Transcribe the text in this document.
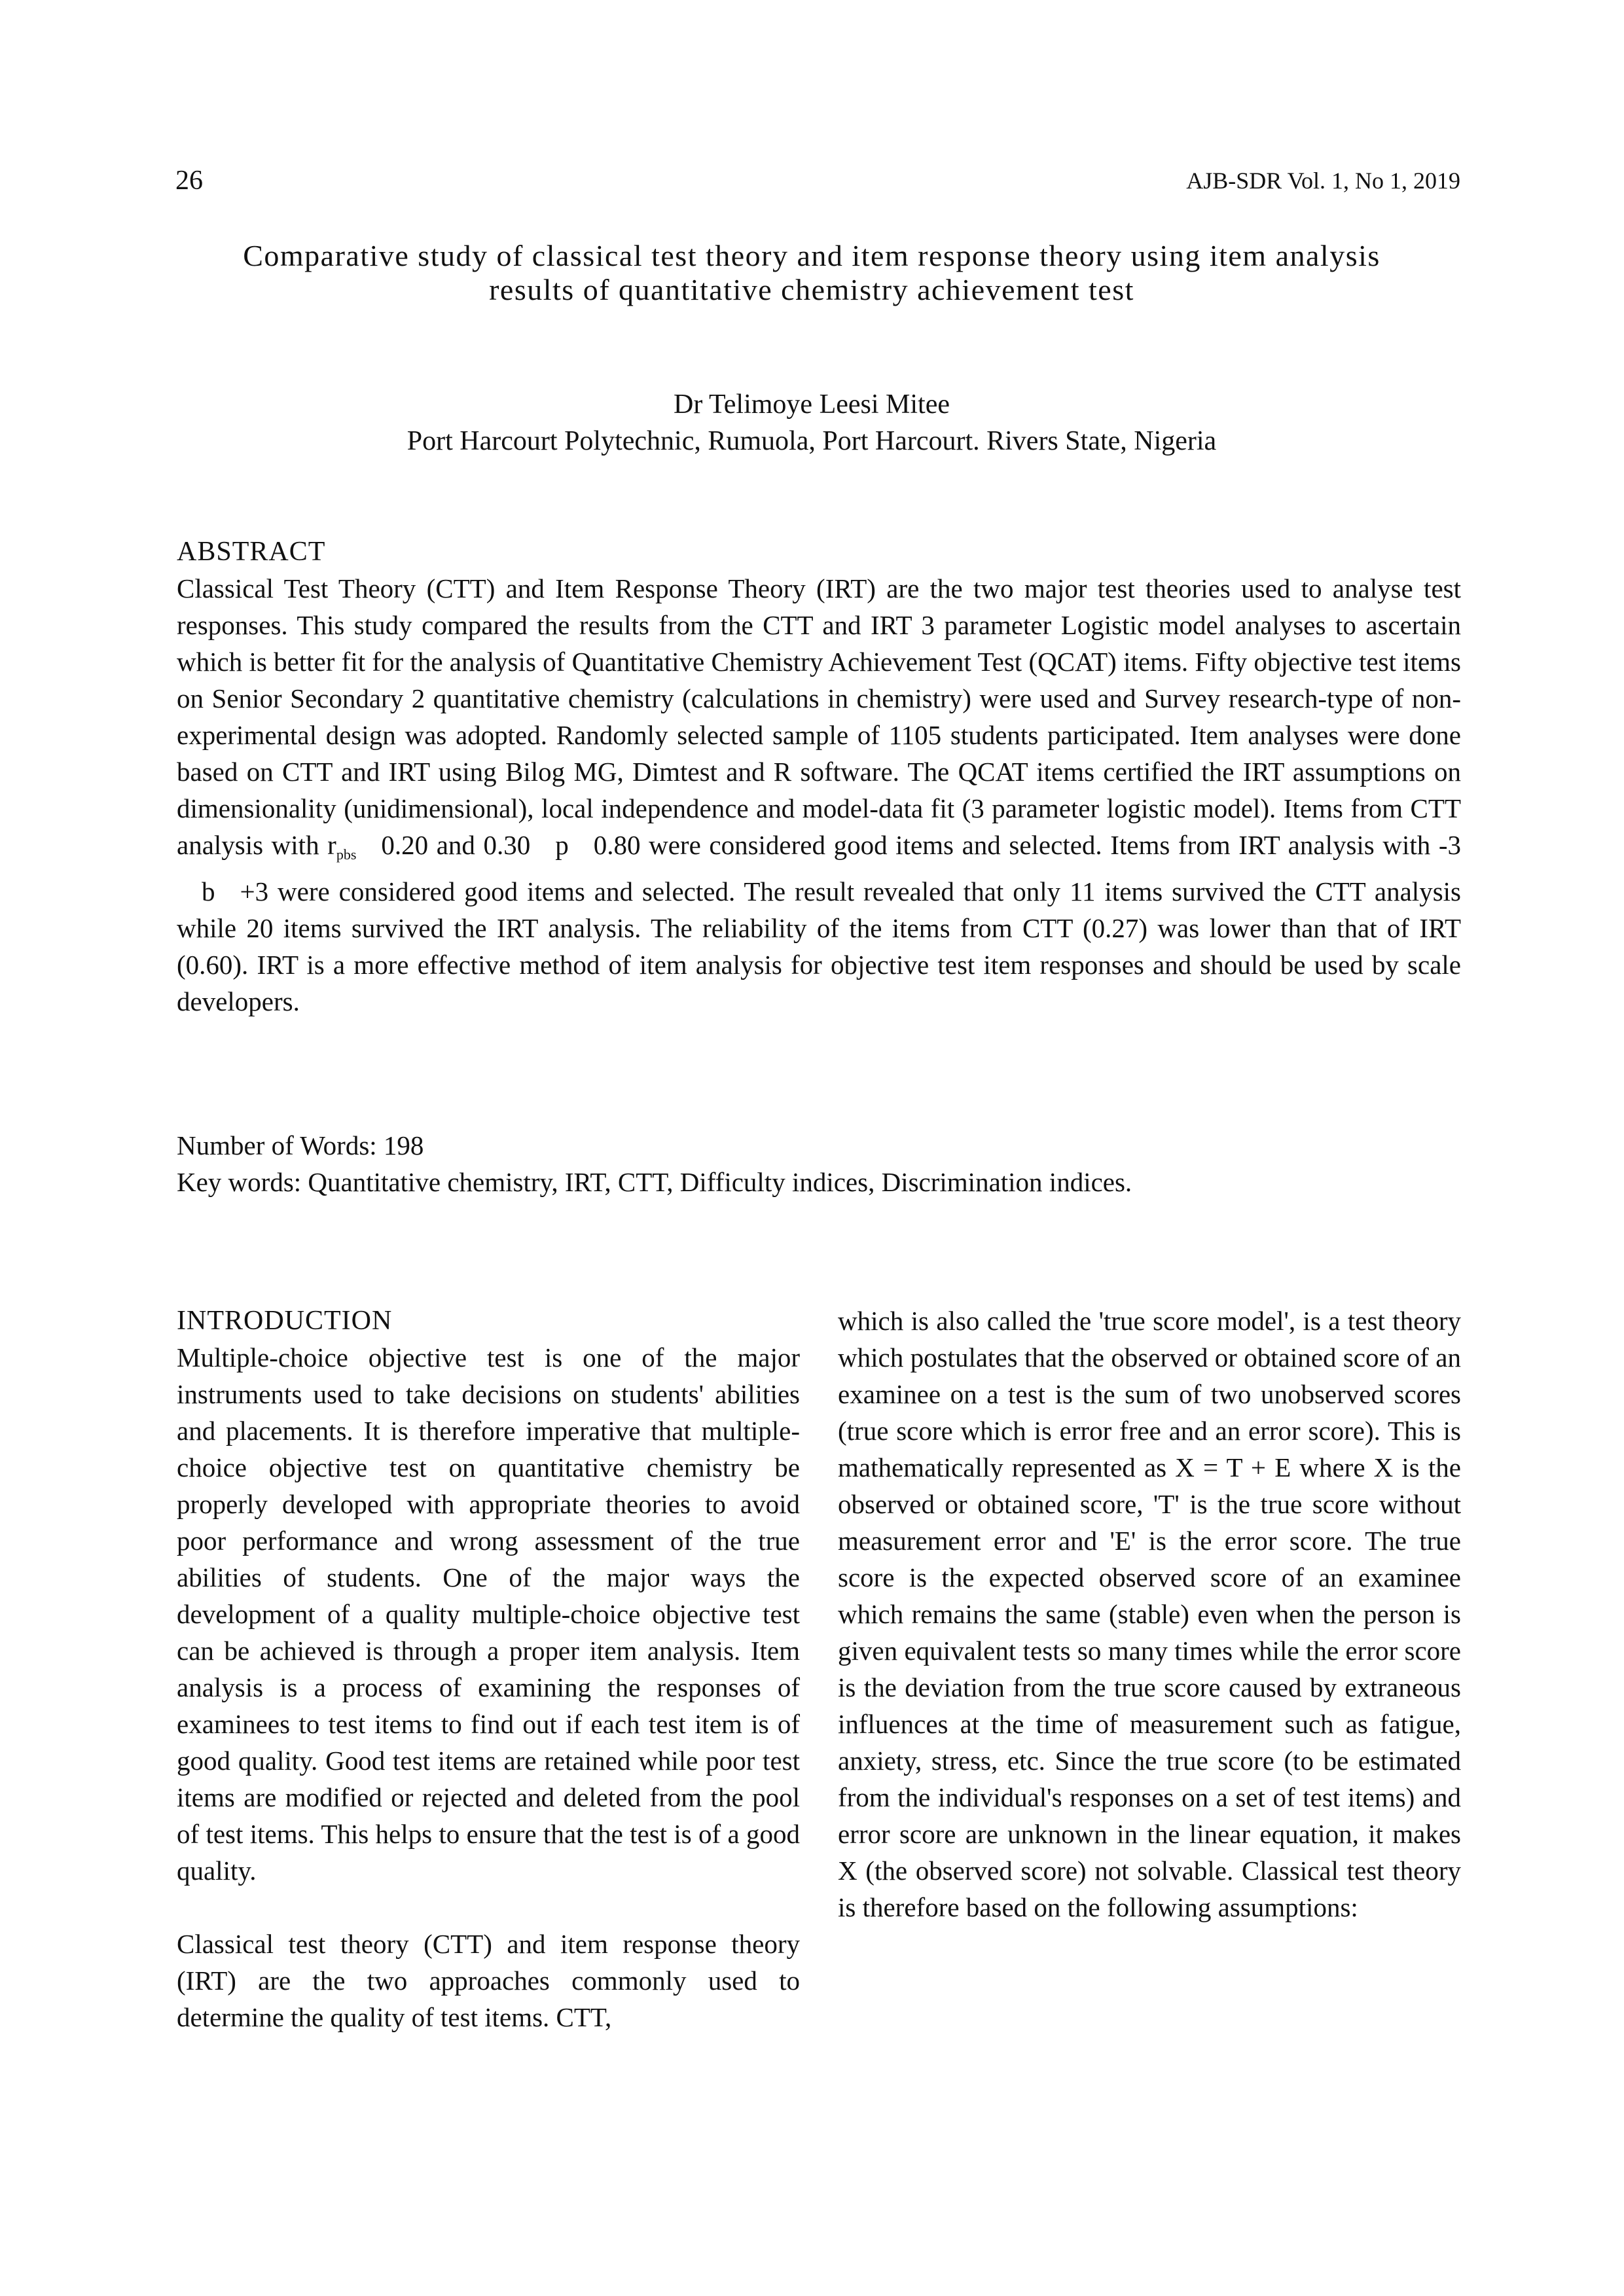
26	AJB-SDR Vol. 1, No 1, 2019
Comparative study of classical test theory and item response theory using item analysis
results of quantitative chemistry achievement test
Dr Telimoye Leesi Mitee
Port Harcourt Polytechnic, Rumuola, Port Harcourt. Rivers State, Nigeria
ABSTRACT

Classical Test Theory (CTT) and Item Response Theory (IRT) are the two major test theories used to analyse test responses. This study compared the results from the CTT and IRT 3 parameter Logistic model analyses to ascertain which is better fit for the analysis of Quantitative Chemistry Achievement Test (QCAT) items. Fifty objective test items on Senior Secondary 2 quantitative chemistry (calculations in chemistry) were used and Survey research-type of non-experimental design was adopted. Randomly selected sample of 1105 students participated. Item analyses were done based on CTT and IRT using Bilog MG, Dimtest and R software. The QCAT items certified the IRT assumptions on dimensionality (unidimensional), local independence and model-data fit (3 parameter logistic model). Items from CTT analysis with $r_{pbs}$ 0.20 and 0.30 p 0.80 were considered good items and selected. Items from IRT analysis with -3b +3 were considered good items and selected. The result revealed that only 11 items survived the CTT analysis while 20 items survived the IRT analysis. The reliability of the items from CTT (0.27) was lower than that of IRT (0.60). IRT is a more effective method of item analysis for objective test item responses and should be used by scale developers.

Number of Words: 198
Key words: Quantitative chemistry, IRT, CTT, Difficulty indices, Discrimination indices.
INTRODUCTION

Multiple-choice objective test is one of the major instruments used to take decisions on students' abilities and placements. It is therefore imperative that multiple-choice objective test on quantitative chemistry be properly developed with appropriate theories to avoid poor performance and wrong assessment of the true abilities of students. One of the major ways the development of a quality multiple-choice objective test can be achieved is through a proper item analysis. Item analysis is a process of examining the responses of examinees to test items to find out if each test item is of good quality. Good test items are retained while poor test items are modified or rejected and deleted from the pool of test items. This helps to ensure that the test is of a good quality.

Classical test theory (CTT) and item response theory (IRT) are the two approaches commonly used to determine the quality of test items. CTT,

which is also called the 'true score model', is a test theory which postulates that the observed or obtained score of an examinee on a test is the sum of two unobserved scores (true score which is error free and an error score). This is mathematically represented as X = T + E where X is the observed or obtained score, 'T' is the true score without measurement error and 'E' is the error score. The true score is the expected observed score of an examinee which remains the same (stable) even when the person is given equivalent tests so many times while the error score is the deviation from the true score caused by extraneous influences at the time of measurement such as fatigue, anxiety, stress, etc. Since the true score (to be estimated from the individual's responses on a set of test items) and error score are unknown in the linear equation, it makes X (the observed score) not solvable. Classical test theory is therefore based on the following assumptions:
